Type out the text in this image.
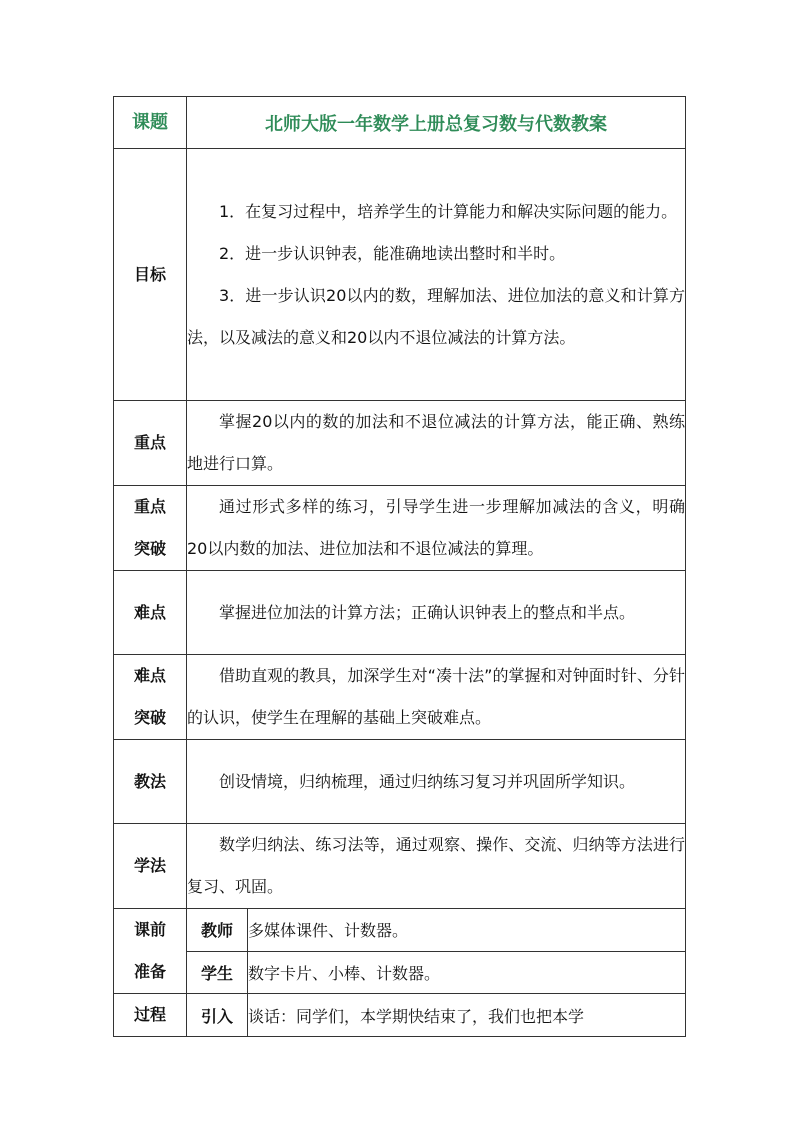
课题	北师大版一年数学上册总复习数与代数教案	
目标	1．在复习过程中，培养学生的计算能力和解决实际问题的能力。

2．进一步认识钟表，能准确地读出整时和半时。

3．进一步认识20以内的数，理解加法、进位加法的意义和计算方法，以及减法的意义和20以内不退位减法的计算方法。	

重点	掌握20以内的数的加法和不退位减法的计算方法，能正确、熟练地进行口算。	

重点
突破	通过形式多样的练习，引导学生进一步理解加减法的含义，明确20以内数的加法、进位加法和不退位减法的算理。	

难点	掌握进位加法的计算方法；正确认识钟表上的整点和半点。	

难点
突破	借助直观的教具，加深学生对“凑十法”的掌握和对钟面时针、分针的认识，使学生在理解的基础上突破难点。	

教法	创设情境，归纳梳理，通过归纳练习复习并巩固所学知识。	

学法	数学归纳法、练习法等，通过观察、操作、交流、归纳等方法进行复习、巩固。	

课前
准备	教师	多媒体课件、计数器。
	学生	数字卡片、小棒、计数器。
过程	引入	谈话：同学们，本学期快结束了，我们也把本学
